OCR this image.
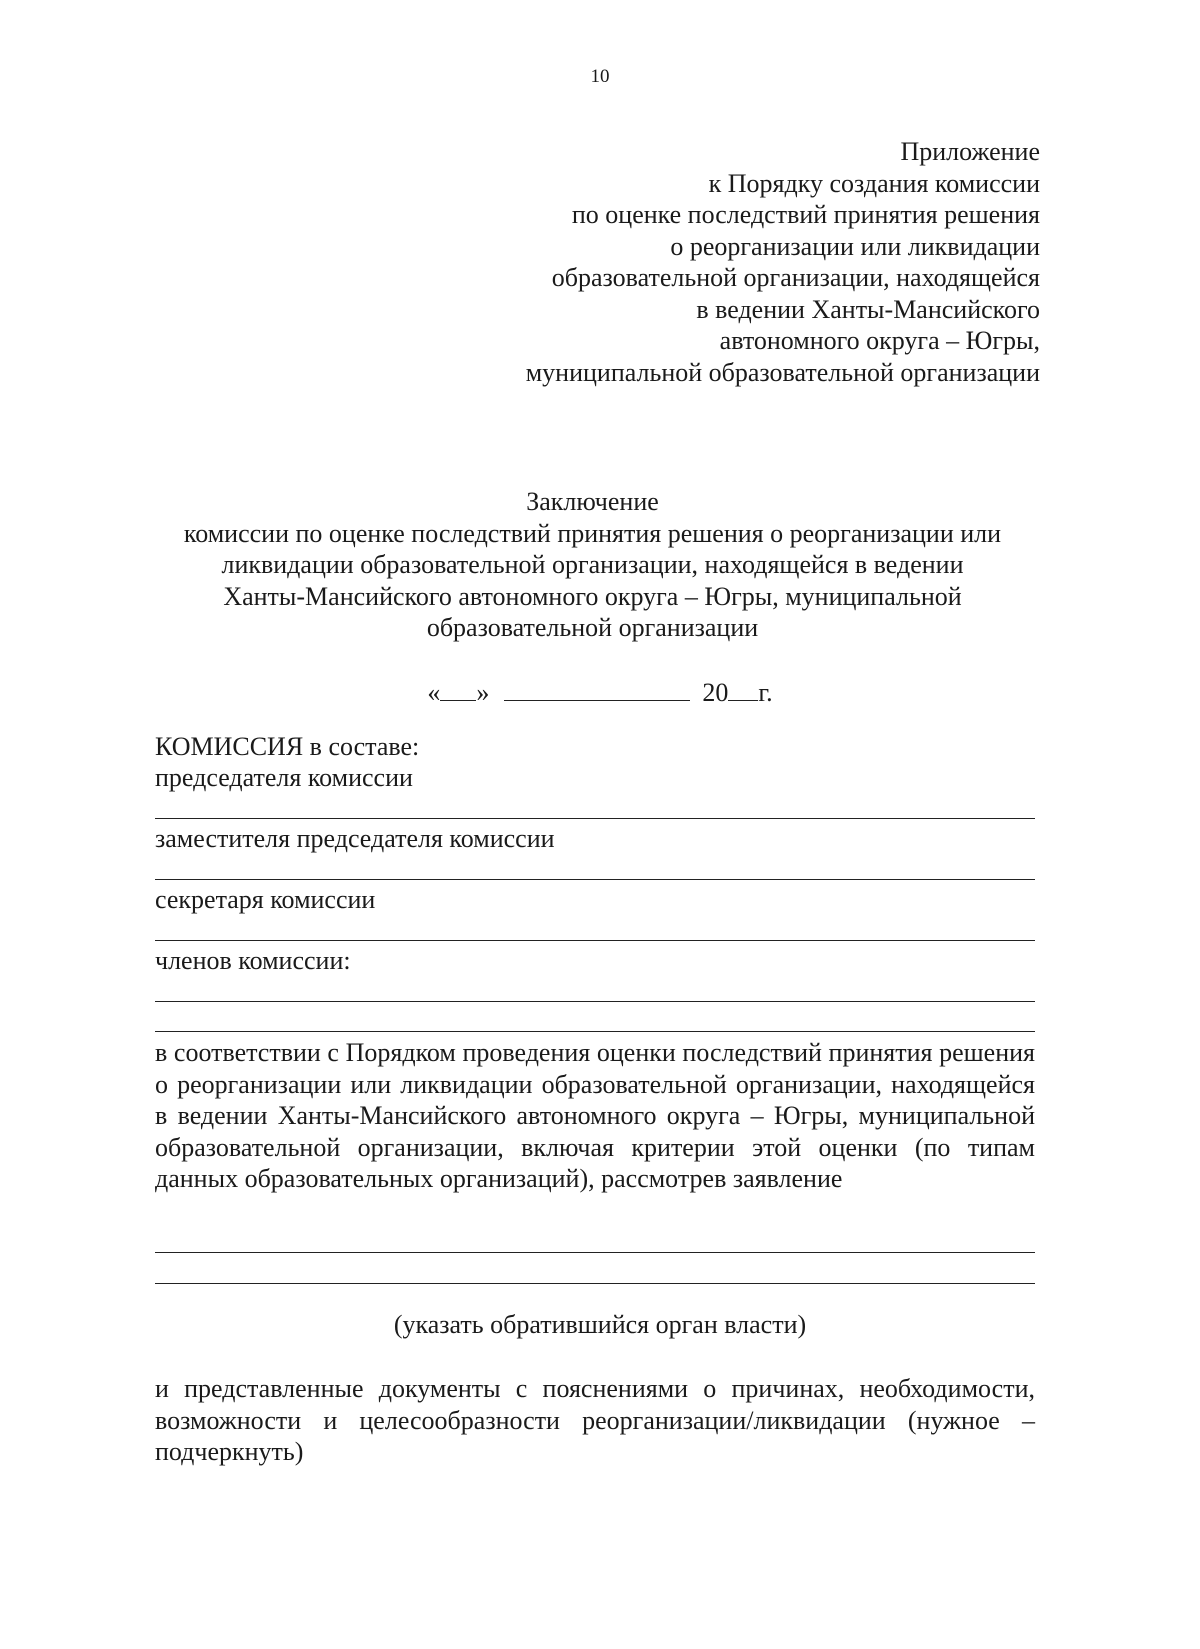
10
Приложение
к Порядку создания комиссии
по оценке последствий принятия решения
о реорганизации или ликвидации
образовательной организации, находящейся
в ведении Ханты-Мансийского
автономного округа – Югры,
муниципальной образовательной организации
Заключение
комиссии по оценке последствий принятия решения о реорганизации или
ликвидации образовательной организации, находящейся в ведении
Ханты-Мансийского автономного округа – Югры, муниципальной
образовательной организации
« »	20 г.
КОМИССИЯ в составе:
председателя комиссии
заместителя председателя комиссии
секретаря комиссии
членов комиссии:
в соответствии с Порядком проведения оценки последствий принятия решения о реорганизации или ликвидации образовательной организации, находящейся в ведении Ханты-Мансийского автономного округа – Югры, муниципальной образовательной организации, включая критерии этой оценки (по типам данных образовательных организаций), рассмотрев заявление
(указать обратившийся орган власти)
и представленные документы с пояснениями о причинах, необходимости, возможности и целесообразности реорганизации/ликвидации (нужное – подчеркнуть)
